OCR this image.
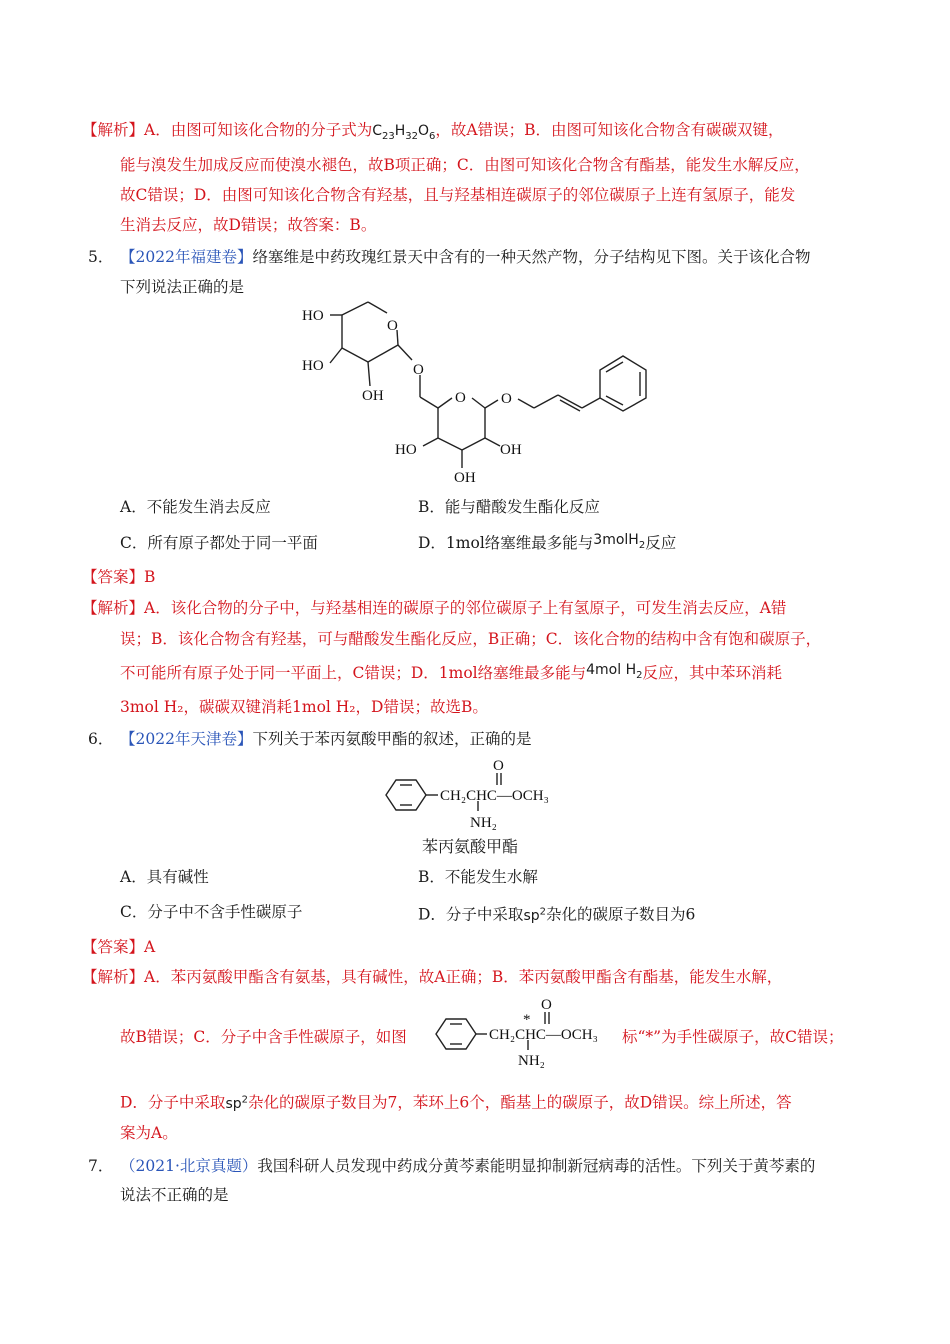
【解析】A．由图可知该化合物的分子式为$C_{23}H_{32}O_6$，故A错误；B．由图可知该化合物含有碳碳双键，
能与溴发生加成反应而使溴水褪色，故B项正确；C．由图可知该化合物含有酯基，能发生水解反应，
故C错误；D．由图可知该化合物含有羟基，且与羟基相连碳原子的邻位碳原子上连有氢原子，能发
生消去反应，故D错误；故答案：B。
5． 【2022年福建卷】络塞维是中药玫瑰红景天中含有的一种天然产物，分子结构见下图。关于该化合物
下列说法正确的是
HO
O
HO
OH
O
O O
HO	OH
OH
A．不能发生消去反应	B．能与醋酸发生酯化反应
C．所有原子都处于同一平面	D．1mol络塞维最多能与3molH$_2$反应
【答案】B
【解析】A．该化合物的分子中，与羟基相连的碳原子的邻位碳原子上有氢原子，可发生消去反应，A错
误；B．该化合物含有羟基，可与醋酸发生酯化反应，B正确；C．该化合物的结构中含有饱和碳原子，
不可能所有原子处于同一平面上，C错误；D．1mol络塞维最多能与4mol $H_2$反应，其中苯环消耗
3mol H₂，碳碳双键消耗1mol H₂，D错误；故选B。
6． 【2022年天津卷】下列关于苯丙氨酸甲酯的叙述，正确的是
O
CH₂CHC—OCH₃
NH₂
苯丙氨酸甲酯
A．具有碱性	B．不能发生水解
C．分子中不含手性碳原子	D．分子中采取$sp^2$杂化的碳原子数目为6
【答案】A
【解析】A．苯丙氨酸甲酯含有氨基，具有碱性，故A正确；B．苯丙氨酸甲酯含有酯基，能发生水解，
故B错误；C．分子中含手性碳原子，如图
O
*
CH₂CHC—OCH₃
NH₂
标“*”为手性碳原子，故C错误；
D．分子中采取$sp^2$杂化的碳原子数目为7，苯环上6个，酯基上的碳原子，故D错误。综上所述，答
案为A。
7． （2021·北京真题）我国科研人员发现中药成分黄芩素能明显抑制新冠病毒的活性。下列关于黄芩素的
说法不正确的是
